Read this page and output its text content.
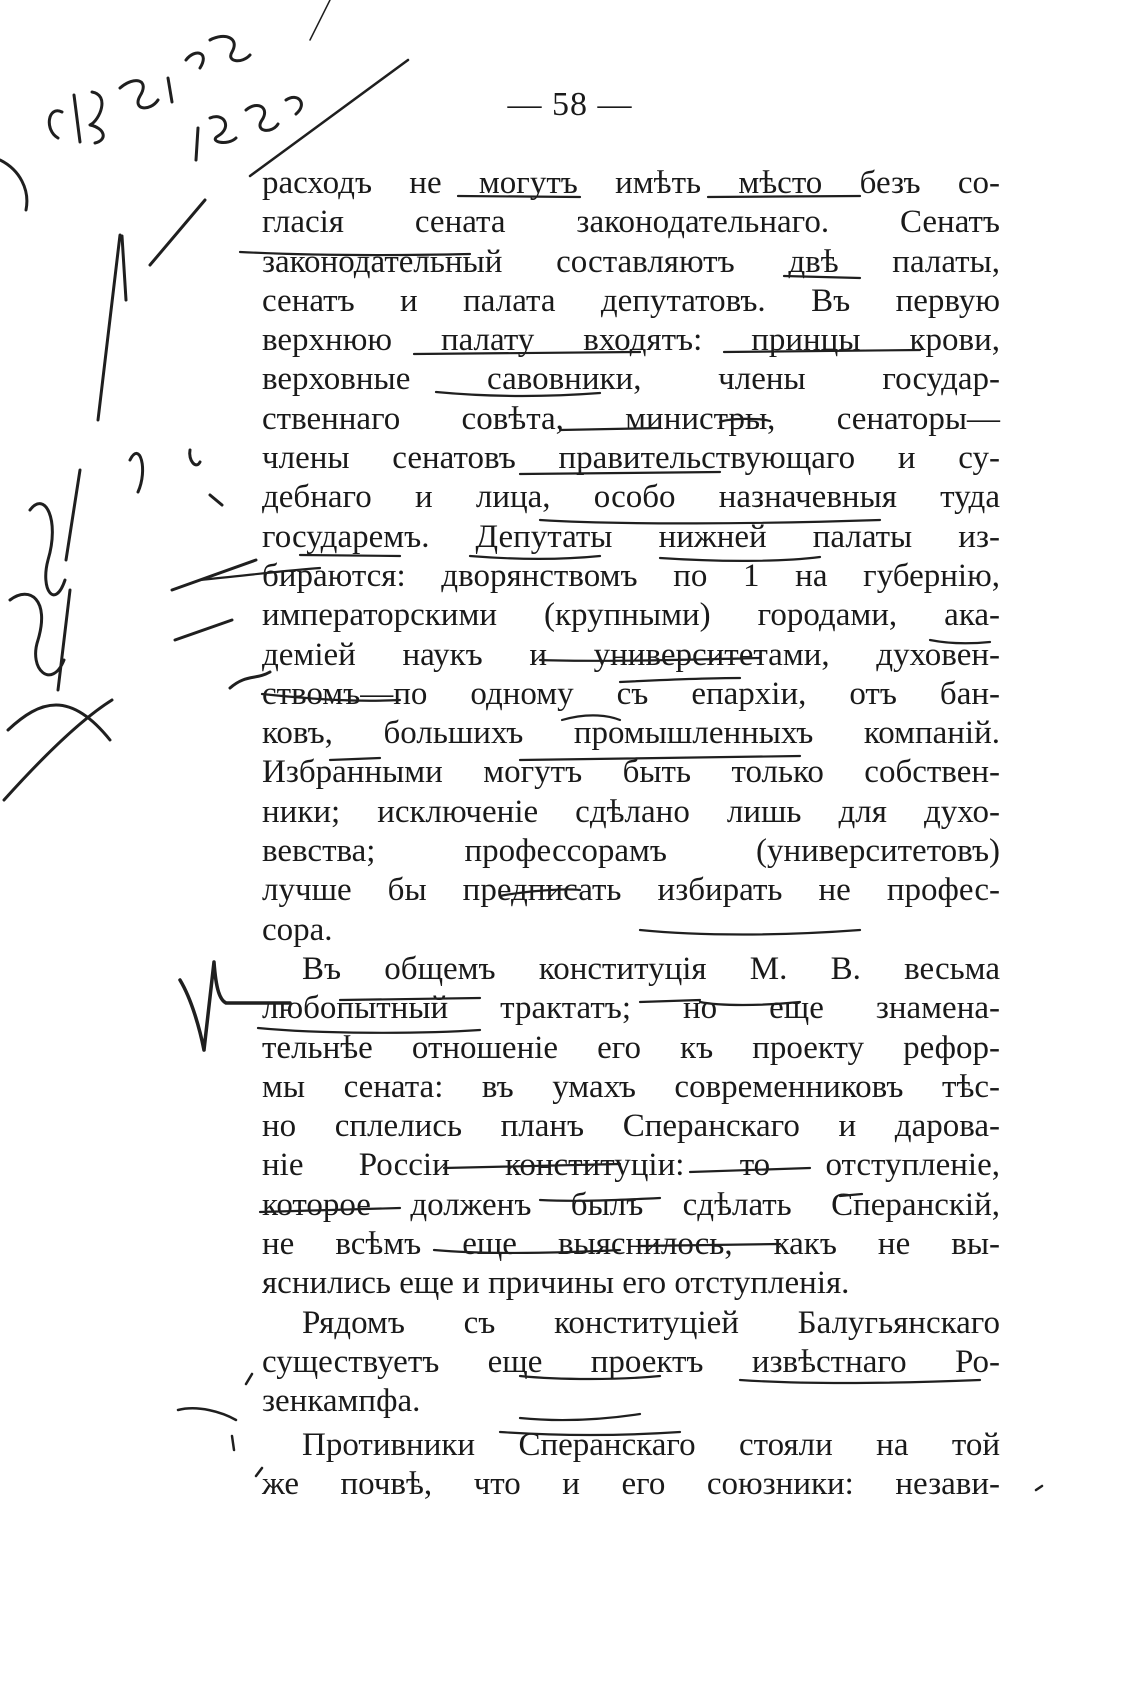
— 58 —
расходъ не могутъ имѣть мѣсто безъ со-
гласія сената законодательнаго. Сенатъ
законодательный составляютъ двѣ палаты,
сенатъ и палата депутатовъ. Въ первую
верхнюю палату входятъ: принцы крови,
верховные савовники, члены государ-
ственнаго совѣта, министры, сенаторы—
члены сенатовъ правительствующаго и су-
дебнаго и лица, особо назначевныя туда
государемъ. Депутаты нижней палаты из-
бираются: дворянствомъ по 1 на губернію,
императорскими (крупными) городами, ака-
деміей наукъ и университетами, духовен-
ствомъ—по одному съ епархіи, отъ бан-
ковъ, большихъ промышленныхъ компаній.
Избранными могутъ быть только собствен-
ники; исключеніе сдѣлано лишь для духо-
вевства; профессорамъ (университетовъ)
лучше бы предписать избирать не профес-
сора.
Въ общемъ конституція М. В. весьма
любопытный трактатъ; но еще знамена-
тельнѣе отношеніе его къ проекту рефор-
мы сената: въ умахъ современниковъ тѣс-
но сплелись планъ Сперанскаго и дарова-
ніе Россіи конституціи: то отступленіе,
которое долженъ былъ сдѣлать Сперанскій,
не всѣмъ еще выяснилось, какъ не вы-
яснились еще и причины его отступленія.
Рядомъ съ конституціей Балугьянскаго
существуетъ еще проектъ извѣстнаго Ро-
зенкампфа.
Противники Сперанскаго стояли на той
же почвѣ, что и его союзники: незави-
